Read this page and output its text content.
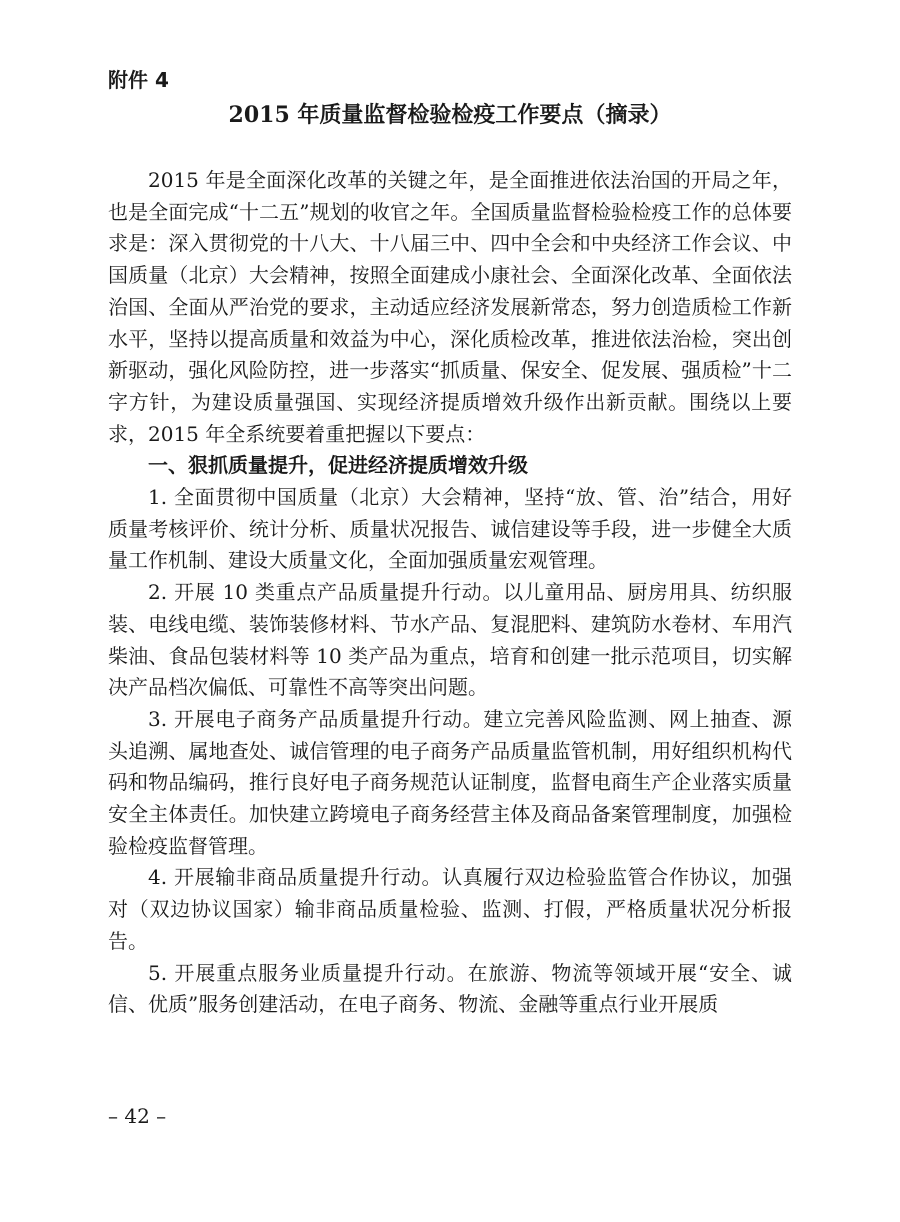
附件 4

2015 年质量监督检验检疫工作要点（摘录）

2015 年是全面深化改革的关键之年，是全面推进依法治国的开局之年，也是全面完成“十二五”规划的收官之年。全国质量监督检验检疫工作的总体要求是：深入贯彻党的十八大、十八届三中、四中全会和中央经济工作会议、中国质量（北京）大会精神，按照全面建成小康社会、全面深化改革、全面依法治国、全面从严治党的要求，主动适应经济发展新常态，努力创造质检工作新水平，坚持以提高质量和效益为中心，深化质检改革，推进依法治检，突出创新驱动，强化风险防控，进一步落实“抓质量、保安全、促发展、强质检”十二字方针，为建设质量强国、实现经济提质增效升级作出新贡献。围绕以上要求，2015 年全系统要着重把握以下要点：

一、狠抓质量提升，促进经济提质增效升级

1. 全面贯彻中国质量（北京）大会精神，坚持“放、管、治”结合，用好质量考核评价、统计分析、质量状况报告、诚信建设等手段，进一步健全大质量工作机制、建设大质量文化，全面加强质量宏观管理。

2. 开展 10 类重点产品质量提升行动。以儿童用品、厨房用具、纺织服装、电线电缆、装饰装修材料、节水产品、复混肥料、建筑防水卷材、车用汽柴油、食品包装材料等 10 类产品为重点，培育和创建一批示范项目，切实解决产品档次偏低、可靠性不高等突出问题。

3. 开展电子商务产品质量提升行动。建立完善风险监测、网上抽查、源头追溯、属地查处、诚信管理的电子商务产品质量监管机制，用好组织机构代码和物品编码，推行良好电子商务规范认证制度，监督电商生产企业落实质量安全主体责任。加快建立跨境电子商务经营主体及商品备案管理制度，加强检验检疫监督管理。

4. 开展输非商品质量提升行动。认真履行双边检验监管合作协议，加强对（双边协议国家）输非商品质量检验、监测、打假，严格质量状况分析报告。

5. 开展重点服务业质量提升行动。在旅游、物流等领域开展“安全、诚信、优质”服务创建活动，在电子商务、物流、金融等重点行业开展质

– 42 –
